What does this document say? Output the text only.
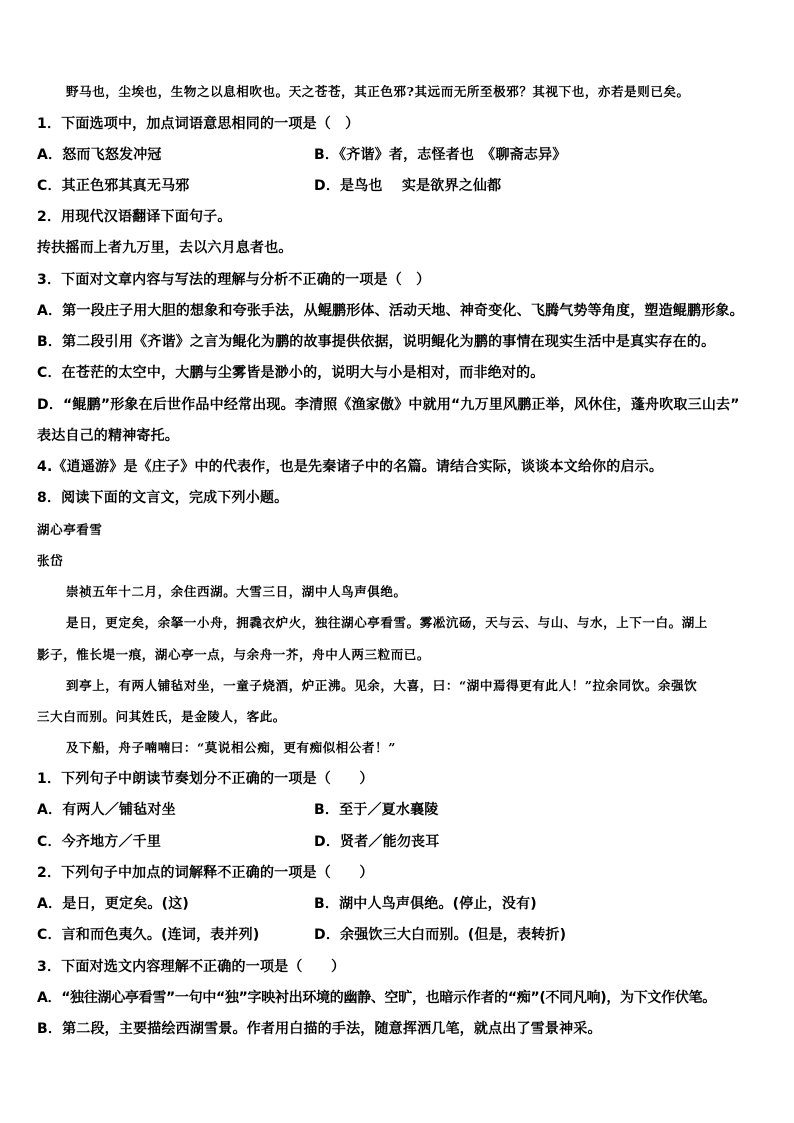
野马也，尘埃也，生物之以息相吹也。天之苍苍，其正色邪?其远而无所至极邪？其视下也，亦若是则已矣。
1．下面选项中，加点词语意思相同的一项是（　）
A．怒而飞怒发冲冠	B．《齐谐》者，志怪者也　《聊斋志异》
C．其正色邪其真无马邪	D．是鸟也　 实是欲界之仙都
2．用现代汉语翻译下面句子。
抟扶摇而上者九万里，去以六月息者也。
3．下面对文章内容与写法的理解与分析不正确的一项是（　）
A．第一段庄子用大胆的想象和夸张手法，从鲲鹏形体、活动天地、神奇变化、飞腾气势等角度，塑造鲲鹏形象。
B．第二段引用《齐谐》之言为鲲化为鹏的故事提供依据，说明鲲化为鹏的事情在现实生活中是真实存在的。
C．在苍茫的太空中，大鹏与尘雾皆是渺小的，说明大与小是相对，而非绝对的。
D．“鲲鹏”形象在后世作品中经常出现。李清照《渔家傲》中就用“九万里风鹏正举，风休住，蓬舟吹取三山去”
表达自己的精神寄托。
4.《逍遥游》是《庄子》中的代表作，也是先秦诸子中的名篇。请结合实际，谈谈本文给你的启示。
8．阅读下面的文言文，完成下列小题。
湖心亭看雪
张岱
崇祯五年十二月，余住西湖。大雪三日，湖中人鸟声俱绝。
是日，更定矣，余拏一小舟，拥毳衣炉火，独往湖心亭看雪。雾凇沆砀，天与云、与山、与水，上下一白。湖上
影子，惟长堤一痕，湖心亭一点，与余舟一芥，舟中人两三粒而已。
到亭上，有两人铺毡对坐，一童子烧酒，炉正沸。见余，大喜，曰：“湖中焉得更有此人！”拉余同饮。余强饮
三大白而别。问其姓氏，是金陵人，客此。
及下船，舟子喃喃曰：“莫说相公痴，更有痴似相公者！”
1．下列句子中朗读节奏划分不正确的一项是（　　）
A．有两人／铺毡对坐	B．至于／夏水襄陵
C．今齐地方／千里	D．贤者／能勿丧耳
2．下列句子中加点的词解释不正确的一项是（　　）
A．是日，更定矣。(这)	B．湖中人鸟声俱绝。(停止，没有)
C．言和而色夷久。(连词，表并列)	D．余强饮三大白而别。(但是，表转折)
3．下面对选文内容理解不正确的一项是（　　）
A．“独往湖心亭看雪”一句中“独”字映衬出环境的幽静、空旷，也暗示作者的“痴”(不同凡响)，为下文作伏笔。
B．第二段，主要描绘西湖雪景。作者用白描的手法，随意挥洒几笔，就点出了雪景神采。
